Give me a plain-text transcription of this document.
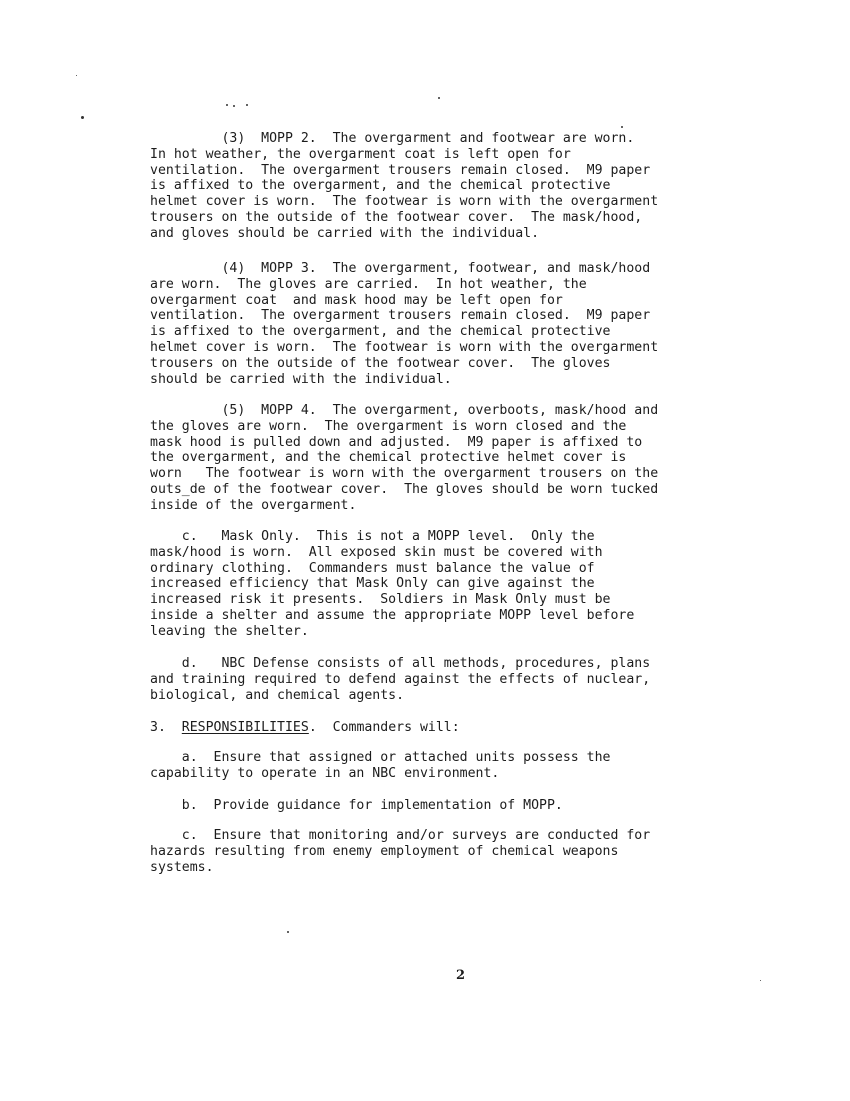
(3)  MOPP 2.  The overgarment and footwear are worn.
In hot weather, the overgarment coat is left open for
ventilation.  The overgarment trousers remain closed.  M9 paper
is affixed to the overgarment, and the chemical protective
helmet cover is worn.  The footwear is worn with the overgarment
trousers on the outside of the footwear cover.  The mask/hood,
and gloves should be carried with the individual.
(4)  MOPP 3.  The overgarment, footwear, and mask/hood
are worn.  The gloves are carried.  In hot weather, the
overgarment coat  and mask hood may be left open for
ventilation.  The overgarment trousers remain closed.  M9 paper
is affixed to the overgarment, and the chemical protective
helmet cover is worn.  The footwear is worn with the overgarment
trousers on the outside of the footwear cover.  The gloves
should be carried with the individual.
(5)  MOPP 4.  The overgarment, overboots, mask/hood and
the gloves are worn.  The overgarment is worn closed and the
mask hood is pulled down and adjusted.  M9 paper is affixed to
the overgarment, and the chemical protective helmet cover is
worn   The footwear is worn with the overgarment trousers on the
outs_de of the footwear cover.  The gloves should be worn tucked
inside of the overgarment.
c.   Mask Only.  This is not a MOPP level.  Only the
mask/hood is worn.  All exposed skin must be covered with
ordinary clothing.  Commanders must balance the value of
increased efficiency that Mask Only can give against the
increased risk it presents.  Soldiers in Mask Only must be
inside a shelter and assume the appropriate MOPP level before
leaving the shelter.
d.   NBC Defense consists of all methods, procedures, plans
and training required to defend against the effects of nuclear,
biological, and chemical agents.
3. RESPONSIBILITIES.  Commanders will:
a.  Ensure that assigned or attached units possess the
capability to operate in an NBC environment.
b.  Provide guidance for implementation of MOPP.
c.  Ensure that monitoring and/or surveys are conducted for
hazards resulting from enemy employment of chemical weapons
systems.
2
